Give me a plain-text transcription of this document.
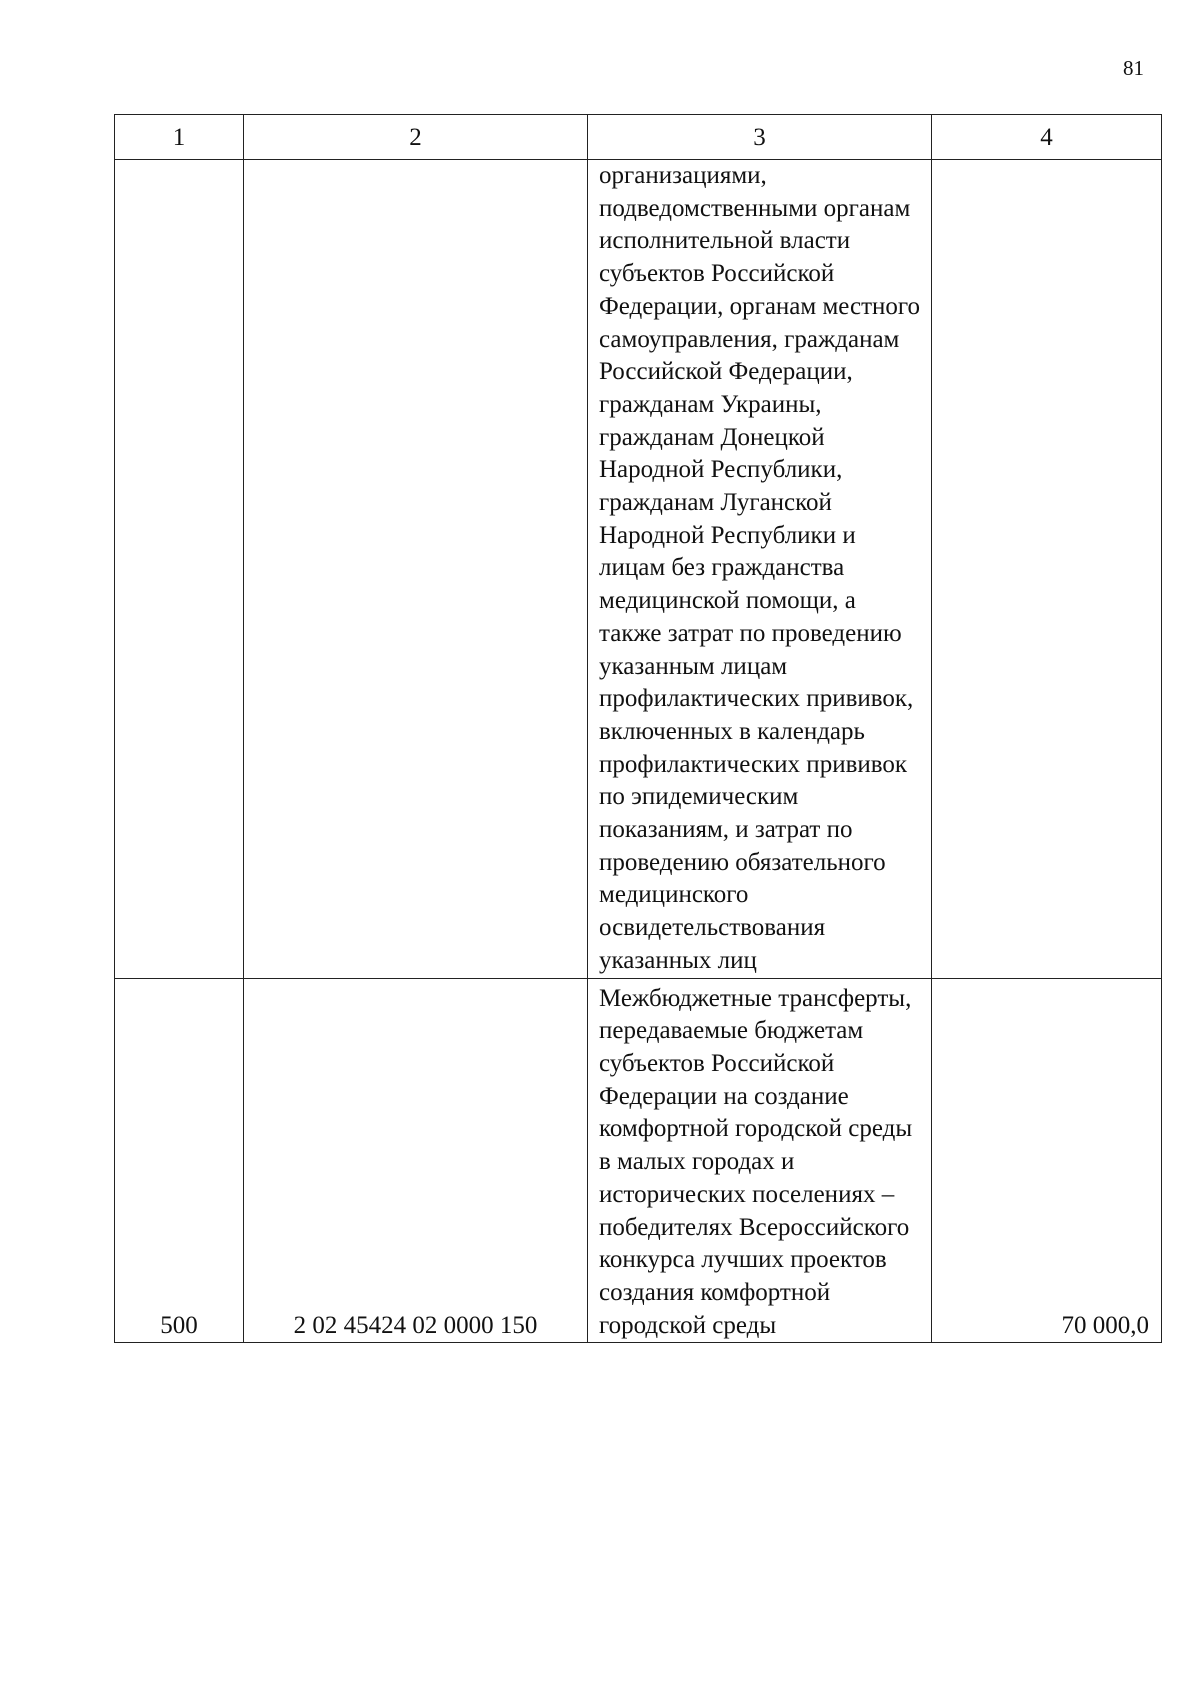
81
1	2	3	4

		организациями, подведомственными органам исполнительной власти субъектов Российской Федерации, органам местного самоуправления, гражданам Российской Федерации, гражданам Украины, гражданам Донецкой Народной Республики, гражданам Луганской Народной Республики и лицам без гражданства медицинской помощи, а также затрат по проведению указанным лицам профилактических прививок, включенных в календарь профилактических прививок по эпидемическим показаниям, и затрат по проведению обязательного медицинского освидетельствования указанных лиц	

500	2 02 45424 02 0000 150	Межбюджетные трансферты, передаваемые бюджетам субъектов Российской Федерации на создание комфортной городской среды в малых городах и исторических поселениях – победителях Всероссийского конкурса лучших проектов создания комфортной городской среды	70 000,0
